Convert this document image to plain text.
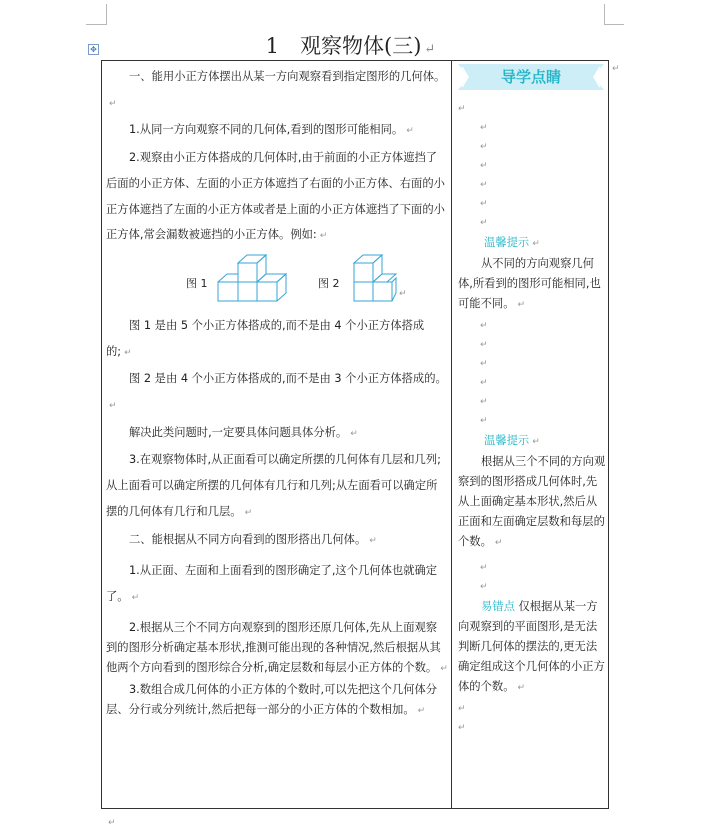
✥	1　观察物体(三) ↵

一、能用小正方体摆出从某一方向观察看到指定图形的几何体。↵

1.从同一方向观察不同的几何体,看到的图形可能相同。 ↵

2.观察由小正方体搭成的几何体时,由于前面的小正方体遮挡了后面的小正方体、左面的小正方体遮挡了右面的小正方体、右面的小正方体遮挡了左面的小正方体或者是上面的小正方体遮挡了下面的小正方体,常会漏数被遮挡的小正方体。例如: ↵

图 1	图 2
↵

图 1 是由 5 个小正方体搭成的,而不是由 4 个小正方体搭成的; ↵

图 2 是由 4 个小正方体搭成的,而不是由 3 个小正方体搭成的。↵

解决此类问题时,一定要具体问题具体分析。 ↵

3.在观察物体时,从正面看可以确定所摆的几何体有几层和几列;从上面看可以确定所摆的几何体有几行和几列;从左面看可以确定所摆的几何体有几行和几层。 ↵

二、能根据从不同方向看到的图形搭出几何体。 ↵

1.从正面、左面和上面看到的图形确定了,这个几何体也就确定了。 ↵

2.根据从三个不同方向观察到的图形还原几何体,先从上面观察到的图形分析确定基本形状,推测可能出现的各种情况,然后根据从其他两个方向看到的图形综合分析,确定层数和每层小正方体的个数。 ↵

3.数组合成几何体的小正方体的个数时,可以先把这个几何体分层、分行或分列统计,然后把每一部分的小正方体的个数相加。 ↵

导学点睛
↵
↵
↵
↵
↵
↵
↵

温馨提示 ↵

从不同的方向观察几何体,所看到的图形可能相同,也可能不同。 ↵

↵
↵
↵
↵
↵
↵

温馨提示 ↵

根据从三个不同的方向观察到的图形搭成几何体时,先从上面确定基本形状,然后从正面和左面确定层数和每层的个数。 ↵

↵
↵

易错点 仅根据从某一方向观察到的平面图形,是无法判断几何体的摆法的,更无法确定组成这个几何体的小正方体的个数。 ↵

↵
↵
↵
↵
